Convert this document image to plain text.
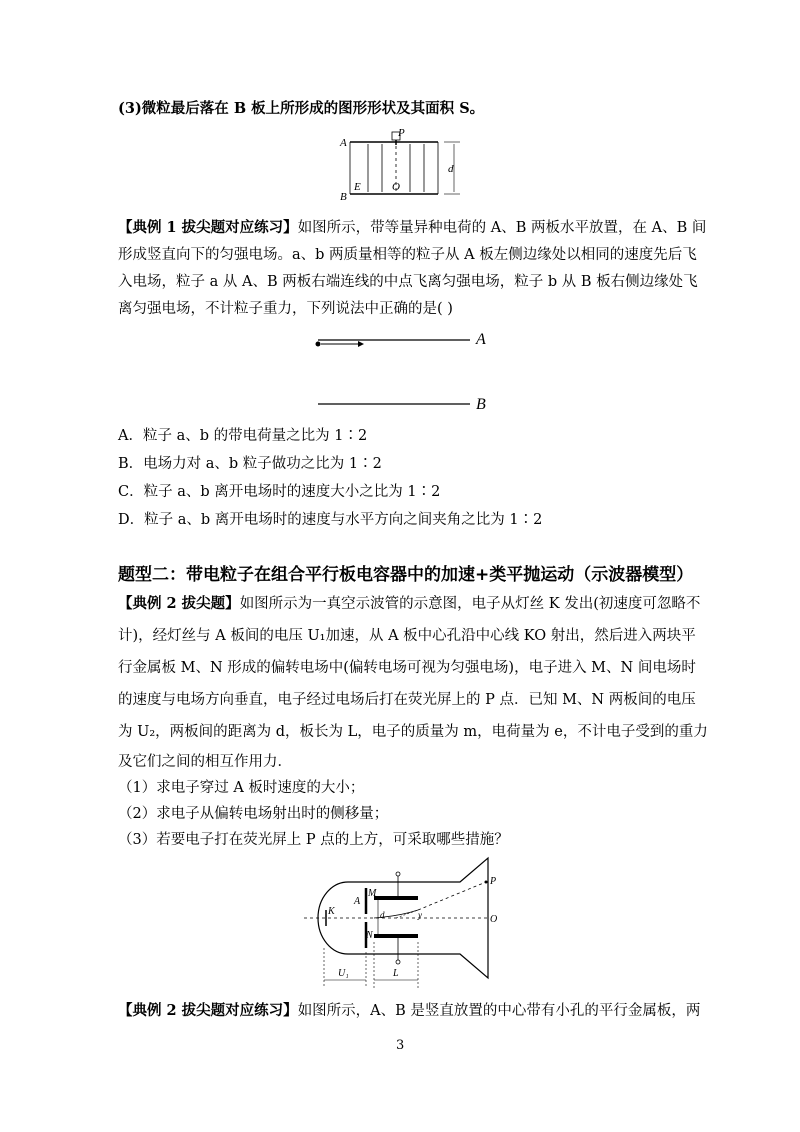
(3)微粒最后落在 B 板上所形成的图形形状及其面积 S。
A
B
P
E	O
d
【典例 1 拔尖题对应练习】如图所示，带等量异种电荷的 A、B 两板水平放置，在 A、B 间
形成竖直向下的匀强电场。a、b 两质量相等的粒子从 A 板左侧边缘处以相同的速度先后飞
入电场，粒子 a 从 A、B 两板右端连线的中点飞离匀强电场，粒子 b 从 B 板右侧边缘处飞
离匀强电场，不计粒子重力，下列说法中正确的是( )
A
B
A．粒子 a、b 的带电荷量之比为 1∶2
B．电场力对 a、b 粒子做功之比为 1∶2
C．粒子 a、b 离开电场时的速度大小之比为 1∶2
D．粒子 a、b 离开电场时的速度与水平方向之间夹角之比为 1∶2
题型二：带电粒子在组合平行板电容器中的加速+类平抛运动（示波器模型）
【典例 2 拔尖题】如图所示为一真空示波管的示意图，电子从灯丝 K 发出(初速度可忽略不
计)，经灯丝与 A 板间的电压 U₁加速，从 A 板中心孔沿中心线 KO 射出，然后进入两块平
行金属板 M、N 形成的偏转电场中(偏转电场可视为匀强电场)，电子进入 M、N 间电场时
的速度与电场方向垂直，电子经过电场后打在荧光屏上的 P 点．已知 M、N 两板间的电压
为 U₂，两板间的距离为 d，板长为 L，电子的质量为 m，电荷量为 e，不计电子受到的重力
及它们之间的相互作用力．
（1）求电子穿过 A 板时速度的大小；
（2）求电子从偏转电场射出时的侧移量；
（3）若要电子打在荧光屏上 P 点的上方，可采取哪些措施？
K
A
M
N
d	y
P
O
U₁	L
【典例 2 拔尖题对应练习】如图所示，A、B 是竖直放置的中心带有小孔的平行金属板，两
3
